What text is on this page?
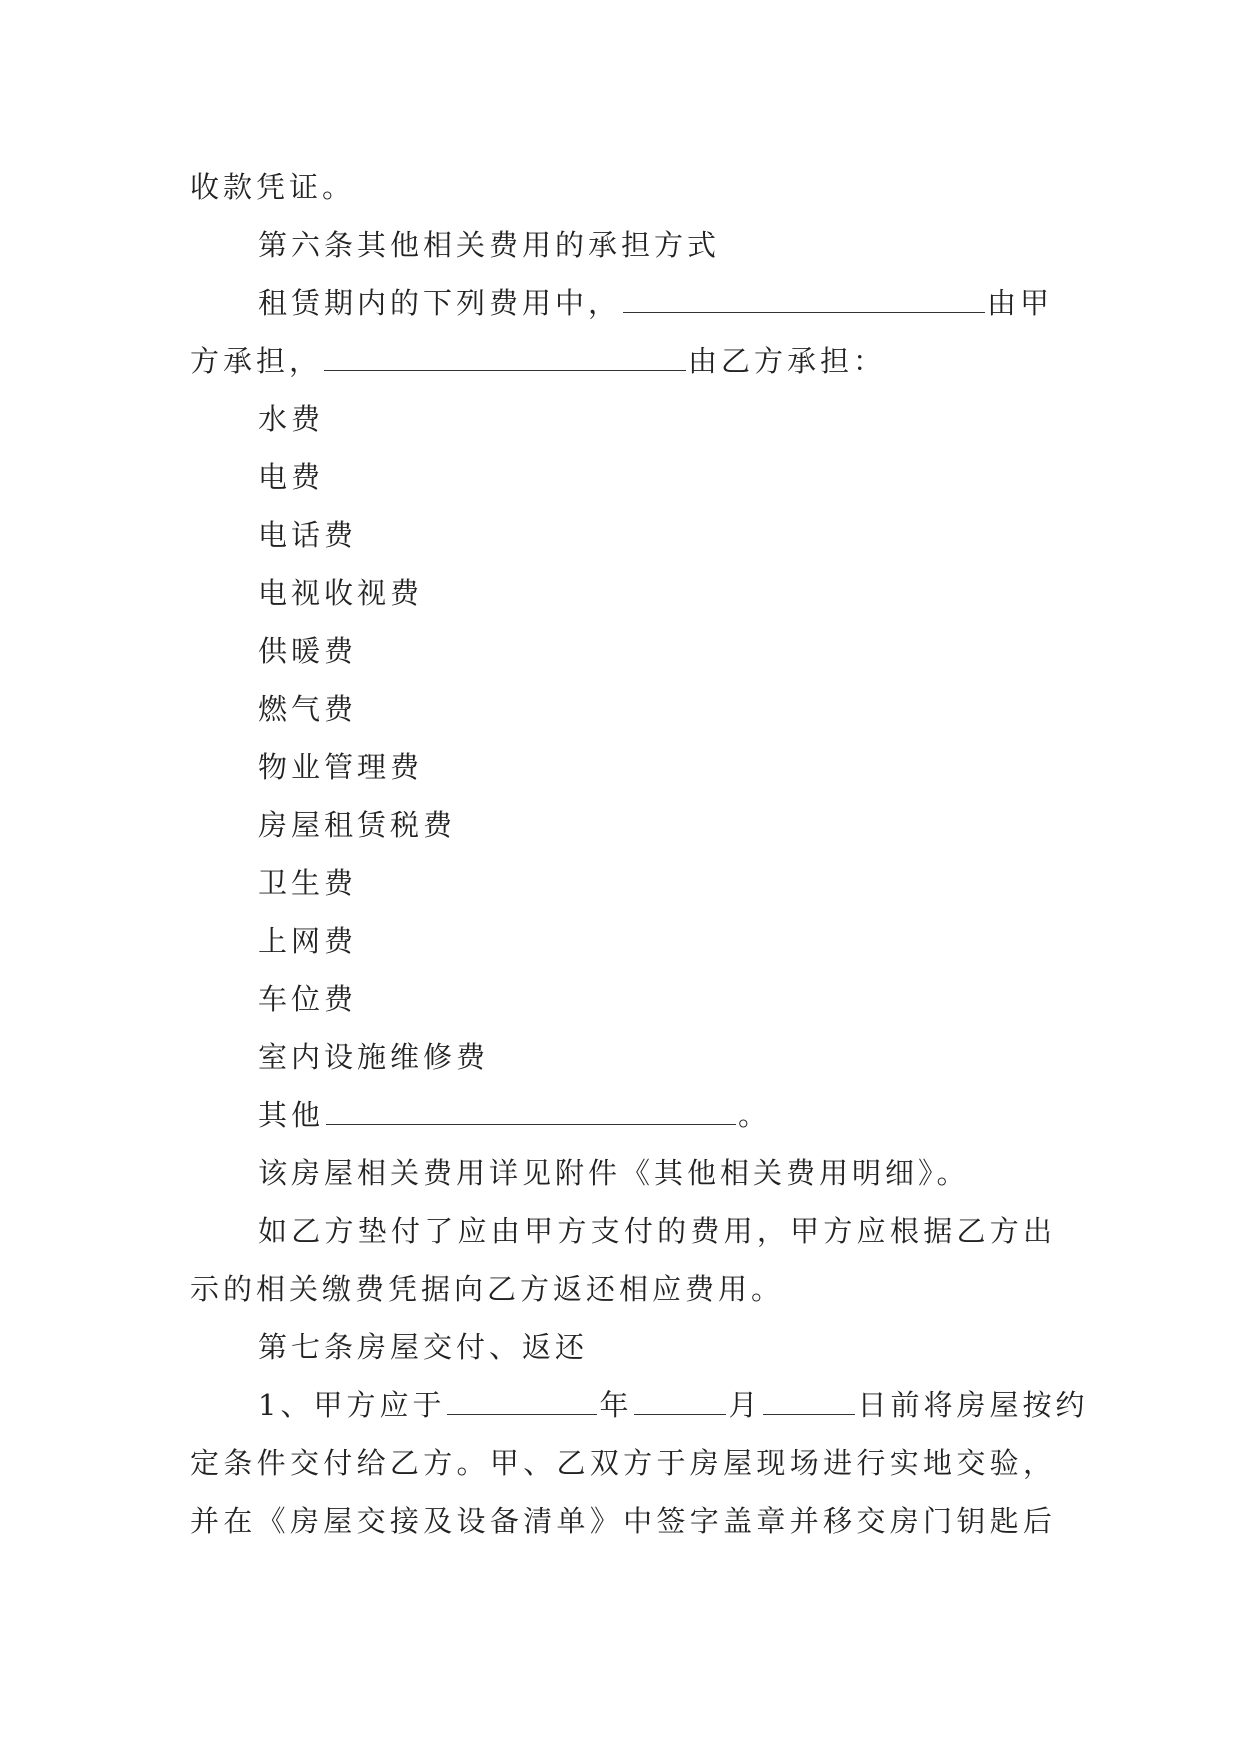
收款凭证。
第六条其他相关费用的承担方式
租赁期内的下列费用中，	由甲
方承担，	由乙方承担：
水费
电费
电话费
电视收视费
供暖费
燃气费
物业管理费
房屋租赁税费
卫生费
上网费
车位费
室内设施维修费
其他	。
该房屋相关费用详见附件《其他相关费用明细》。
如乙方垫付了应由甲方支付的费用，甲方应根据乙方出
示的相关缴费凭据向乙方返还相应费用。
第七条房屋交付、返还
1、甲方应于	年	月	日前将房屋按约
定条件交付给乙方。甲、乙双方于房屋现场进行实地交验，
并在《房屋交接及设备清单》中签字盖章并移交房门钥匙后
